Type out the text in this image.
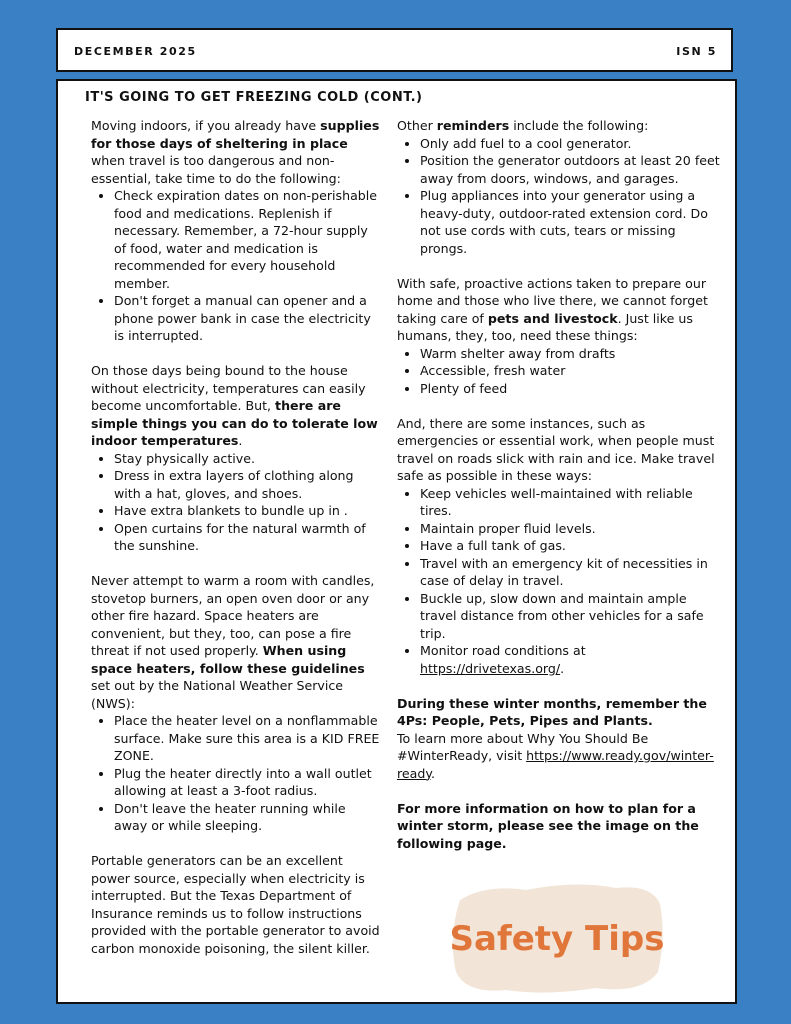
DECEMBER 2025	ISN 5
IT'S GOING TO GET FREEZING COLD (CONT.)

Moving indoors, if you already have supplies for those days of sheltering in place when travel is too dangerous and non-essential, take time to do the following:

• Check expiration dates on non-perishable food and medications. Replenish if necessary. Remember, a 72-hour supply of food, water and medication is recommended for every household member.
• Don't forget a manual can opener and a phone power bank in case the electricity is interrupted.

On those days being bound to the house without electricity, temperatures can easily become uncomfortable. But, there are simple things you can do to tolerate low indoor temperatures.

• Stay physically active.
• Dress in extra layers of clothing along with a hat, gloves, and shoes.
• Have extra blankets to bundle up in .
• Open curtains for the natural warmth of the sunshine.

Never attempt to warm a room with candles, stovetop burners, an open oven door or any other fire hazard. Space heaters are convenient, but they, too, can pose a fire threat if not used properly. When using space heaters, follow these guidelines set out by the National Weather Service (NWS):

• Place the heater level on a nonflammable surface. Make sure this area is a KID FREE ZONE.
• Plug the heater directly into a wall outlet allowing at least a 3-foot radius.
• Don't leave the heater running while away or while sleeping.

Portable generators can be an excellent power source, especially when electricity is interrupted. But the Texas Department of Insurance reminds us to follow instructions provided with the portable generator to avoid carbon monoxide poisoning, the silent killer.

Other reminders include the following:

• Only add fuel to a cool generator.
• Position the generator outdoors at least 20 feet away from doors, windows, and garages.
• Plug appliances into your generator using a heavy-duty, outdoor-rated extension cord. Do not use cords with cuts, tears or missing prongs.

With safe, proactive actions taken to prepare our home and those who live there, we cannot forget taking care of pets and livestock. Just like us humans, they, too, need these things:

• Warm shelter away from drafts
• Accessible, fresh water
• Plenty of feed

And, there are some instances, such as emergencies or essential work, when people must travel on roads slick with rain and ice. Make travel safe as possible in these ways:

• Keep vehicles well-maintained with reliable tires.
• Maintain proper fluid levels.
• Have a full tank of gas.
• Travel with an emergency kit of necessities in case of delay in travel.
• Buckle up, slow down and maintain ample travel distance from other vehicles for a safe trip.
• Monitor road conditions at https://drivetexas.org/.

During these winter months, remember the 4Ps: People, Pets, Pipes and Plants.
To learn more about Why You Should Be #WinterReady, visit https://www.ready.gov/winter-ready.

For more information on how to plan for a winter storm, please see the image on the following page.

Safety Tips
